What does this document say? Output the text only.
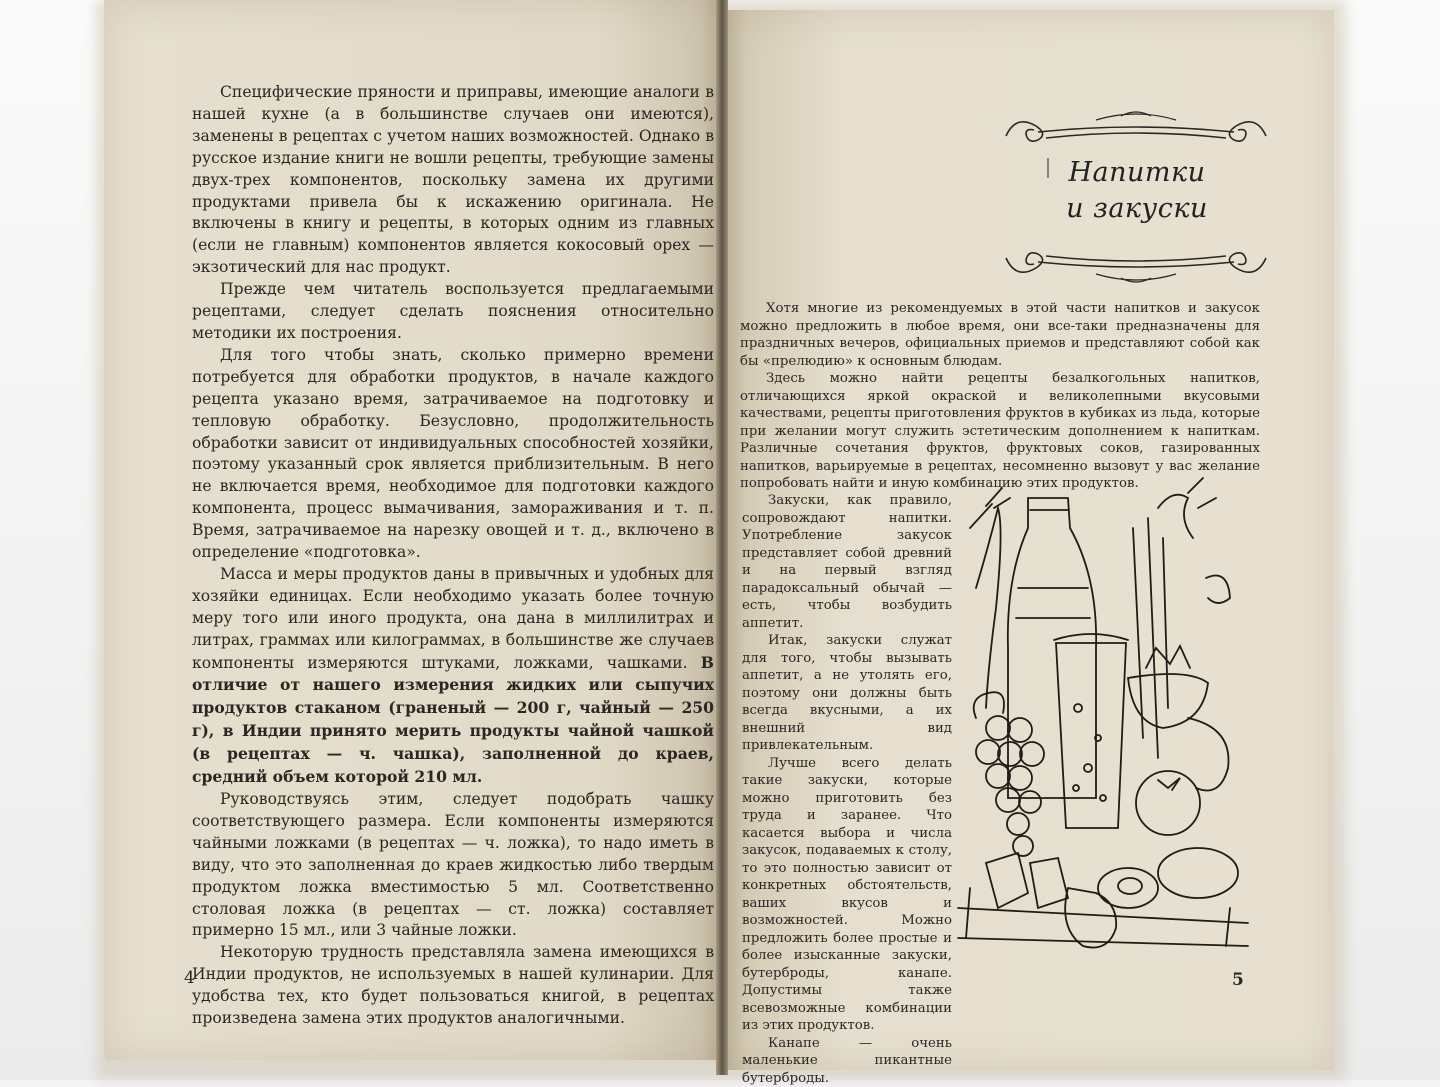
Специфические пряности и приправы, имеющие аналоги в нашей кухне (а в большинстве случаев они имеются), заменены в рецептах с учетом наших возможностей. Однако в русское издание книги не вошли рецепты, требующие замены двух-трех компонентов, поскольку замена их другими продуктами привела бы к искажению оригинала. Не включены в книгу и рецепты, в которых одним из главных (если не главным) компонентов является кокосовый орех — экзотический для нас продукт.

Прежде чем читатель воспользуется предлагаемыми рецептами, следует сделать пояснения относительно методики их построения.

Для того чтобы знать, сколько примерно времени потребуется для обработки продуктов, в начале каждого рецепта указано время, затрачиваемое на подготовку и тепловую обработку. Безусловно, продолжительность обработки зависит от индивидуальных способностей хозяйки, поэтому указанный срок является приблизительным. В него не включается время, необходимое для подготовки каждого компонента, процесс вымачивания, замораживания и т. п. Время, затрачиваемое на нарезку овощей и т. д., включено в определение «подготовка».

Масса и меры продуктов даны в привычных и удобных для хозяйки единицах. Если необходимо указать более точную меру того или иного продукта, она дана в миллилитрах и литрах, граммах или килограммах, в большинстве же случаев компоненты измеряются штуками, ложками, чашками. В отличие от нашего измерения жидких или сыпучих продуктов стаканом (граненый — 200 г, чайный — 250 г), в Индии принято мерить продукты чайной чашкой (в рецептах — ч. чашка), заполненной до краев, средний объем которой 210 мл.

Руководствуясь этим, следует подобрать чашку соответствующего размера. Если компоненты измеряются чайными ложками (в рецептах — ч. ложка), то надо иметь в виду, что это заполненная до краев жидкостью либо твердым продуктом ложка вместимостью 5 мл. Соответственно столовая ложка (в рецептах — ст. ложка) составляет примерно 15 мл., или 3 чайные ложки.

Некоторую трудность представляла замена имеющихся в Индии продуктов, не используемых в нашей кулинарии. Для удобства тех, кто будет пользоваться книгой, в рецептах произведена замена этих продуктов аналогичными.

4
Напитки
и закуски

Хотя многие из рекомендуемых в этой части напитков и закусок можно предложить в любое время, они все-таки предназначены для праздничных вечеров, официальных приемов и представляют собой как бы «прелюдию» к основным блюдам.

Здесь можно найти рецепты безалкогольных напитков, отличающихся яркой окраской и великолепными вкусовыми качествами, рецепты приготовления фруктов в кубиках из льда, которые при желании могут служить эстетическим дополнением к напиткам. Различные сочетания фруктов, фруктовых соков, газированных напитков, варьируемые в рецептах, несомненно вызовут у вас желание попробовать найти и иную комбинацию этих продуктов.

Закуски, как правило, сопровождают напитки. Употребление закусок представляет собой древний и на первый взгляд парадоксальный обычай — есть, чтобы возбудить аппетит.

Итак, закуски служат для того, чтобы вызывать аппетит, а не утолять его, поэтому они должны быть всегда вкусными, а их внешний вид привлекательным.

Лучше всего делать такие закуски, которые можно приготовить без труда и заранее. Что касается выбора и числа закусок, подаваемых к столу, то это полностью зависит от конкретных обстоятельств, ваших вкусов и возможностей. Можно предложить более простые и более изысканные закуски, бутерброды, канапе. Допустимы также всевозможные комбинации из этих продуктов.

Канапе — очень маленькие пикантные бутерброды.

5
